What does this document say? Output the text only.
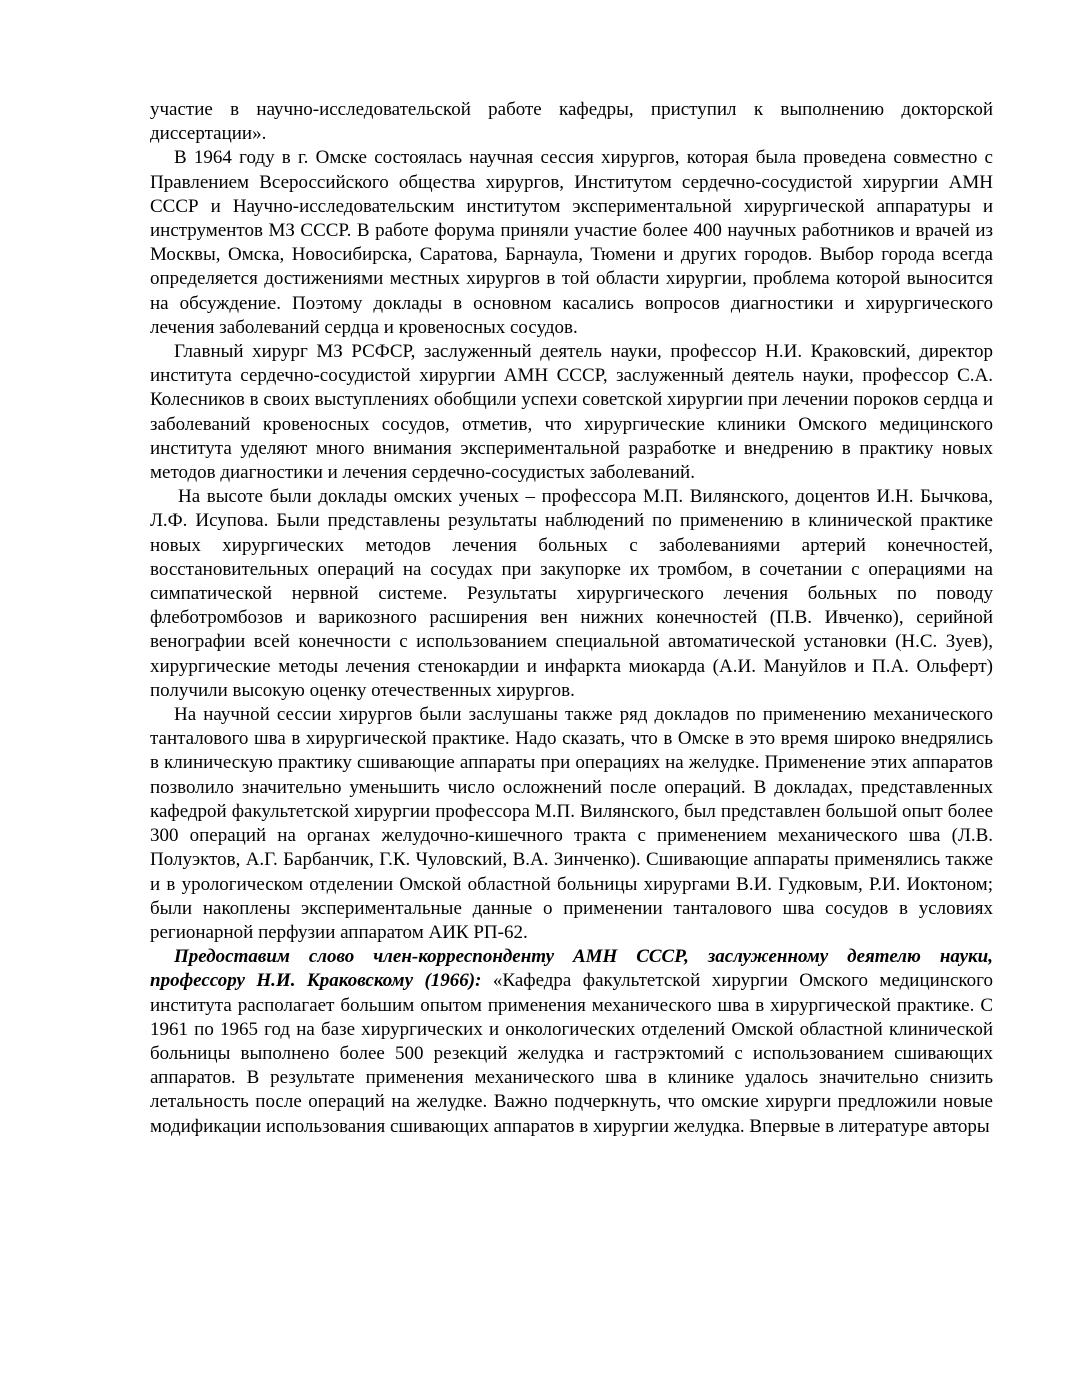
участие в научно-исследовательской работе кафедры, приступил к выполнению докторской диссертации».

В 1964 году в г. Омске состоялась научная сессия хирургов, которая была проведена совместно с Правлением Всероссийского общества хирургов, Институтом сердечно-сосудистой хирургии АМН СССР и Научно-исследовательским институтом экспериментальной хирургической аппаратуры и инструментов МЗ СССР. В работе форума приняли участие более 400 научных работников и врачей из Москвы, Омска, Новосибирска, Саратова, Барнаула, Тюмени и других городов. Выбор города всегда определяется достижениями местных хирургов в той области хирургии, проблема которой выносится на обсуждение. Поэтому доклады в основном касались вопросов диагностики и хирургического лечения заболеваний сердца и кровеносных сосудов.

Главный хирург МЗ РСФСР, заслуженный деятель науки, профессор Н.И. Краковский, директор института сердечно-сосудистой хирургии АМН СССР, заслуженный деятель науки, профессор С.А. Колесников в своих выступлениях обобщили успехи советской хирургии при лечении пороков сердца и заболеваний кровеносных сосудов, отметив, что хирургические клиники Омского медицинского института уделяют много внимания экспериментальной разработке и внедрению в практику новых методов диагностики и лечения сердечно-сосудистых заболеваний.

На высоте были доклады омских ученых – профессора М.П. Вилянского, доцентов И.Н. Бычкова, Л.Ф. Исупова. Были представлены результаты наблюдений по применению в клинической практике новых хирургических методов лечения больных с заболеваниями артерий конечностей, восстановительных операций на сосудах при закупорке их тромбом, в сочетании с операциями на симпатической нервной системе. Результаты хирургического лечения больных по поводу флеботромбозов и варикозного расширения вен нижних конечностей (П.В. Ивченко), серийной венографии всей конечности с использованием специальной автоматической установки (Н.С. Зуев), хирургические методы лечения стенокардии и инфаркта миокарда (А.И. Мануйлов и П.А. Ольферт) получили высокую оценку отечественных хирургов.

На научной сессии хирургов были заслушаны также ряд докладов по применению механического танталового шва в хирургической практике. Надо сказать, что в Омске в это время широко внедрялись в клиническую практику сшивающие аппараты при операциях на желудке. Применение этих аппаратов позволило значительно уменьшить число осложнений после операций. В докладах, представленных кафедрой факультетской хирургии профессора М.П. Вилянского, был представлен большой опыт более 300 операций на органах желудочно-кишечного тракта с применением механического шва (Л.В. Полуэктов, А.Г. Барбанчик, Г.К. Чуловский, В.А. Зинченко). Сшивающие аппараты применялись также и в урологическом отделении Омской областной больницы хирургами В.И. Гудковым, Р.И. Иоктоном; были накоплены экспериментальные данные о применении танталового шва сосудов в условиях регионарной перфузии аппаратом АИК РП-62.

Предоставим слово член-корреспонденту АМН СССР, заслуженному деятелю науки, профессору Н.И. Краковскому (1966): «Кафедра факультетской хирургии Омского медицинского института располагает большим опытом применения механического шва в хирургической практике. С 1961 по 1965 год на базе хирургических и онкологических отделений Омской областной клинической больницы выполнено более 500 резекций желудка и гастрэктомий с использованием сшивающих аппаратов. В результате применения механического шва в клинике удалось значительно снизить летальность после операций на желудке. Важно подчеркнуть, что омские хирурги предложили новые модификации использования сшивающих аппаратов в хирургии желудка. Впервые в литературе авторы
